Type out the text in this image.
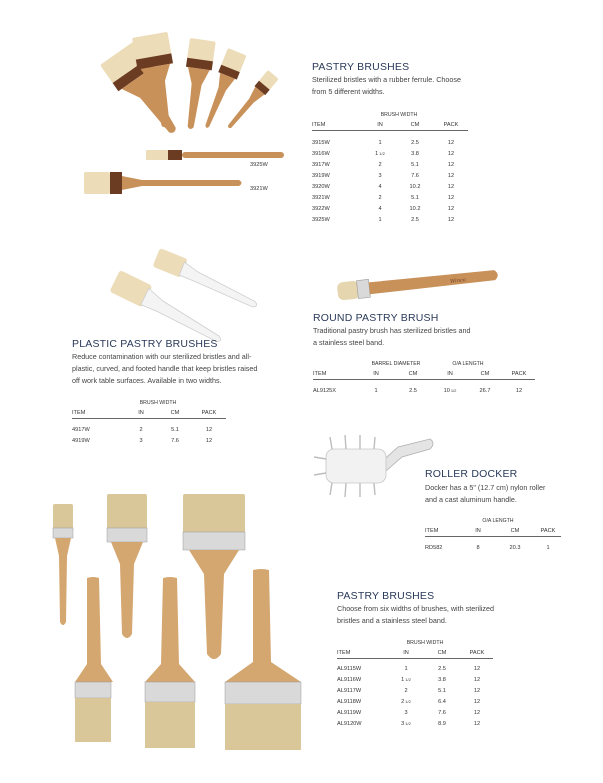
3925W
3921W
PASTRY BRUSHES
Sterilized bristles with a rubber ferrule. Choose
from 5 different widths.
	BRUSH WIDTH		
ITEM	IN	CM	PACK

3915W	1	2.5	12
3916W	$1^{1/2}$	3.8	12
3917W	2	5.1	12
3919W	3	7.6	12
3920W	4	10.2	12
3921W	2	5.1	12
3922W	4	10.2	12
3925W	1	2.5	12
PLASTIC PASTRY BRUSHES
Reduce contamination with our sterilized bristles and all-
plastic, curved, and footed handle that keep bristles raised
off work table surfaces. Available in two widths.
	BRUSH WIDTH		
ITEM	IN	CM	PACK

4917W	2	5.1	12
4919W	3	7.6	12
Winco
ROUND PASTRY BRUSH
Traditional pastry brush has sterilized bristles and
a stainless steel band.
	BARREL DIAMETER		O/A LENGTH		
ITEM	IN	CM	IN	CM	PACK

AL9125X	1	2.5	$10^{1/2}$	26.7	12
ROLLER DOCKER
Docker has a 5" (12.7 cm) nylon roller
and a cast aluminum handle.
	O/A LENGTH		
ITEM	IN	CM	PACK

RD582	8	20.3	1
PASTRY BRUSHES
Choose from six widths of brushes, with sterilized
bristles and a stainless steel band.
	BRUSH WIDTH		
ITEM	IN	CM	PACK

AL9115W	1	2.5	12
AL9116W	$1^{1/2}$	3.8	12
AL9117W	2	5.1	12
AL9118W	$2^{1/2}$	6.4	12
AL9119W	3	7.6	12
AL9120W	$3^{1/2}$	8.9	12
